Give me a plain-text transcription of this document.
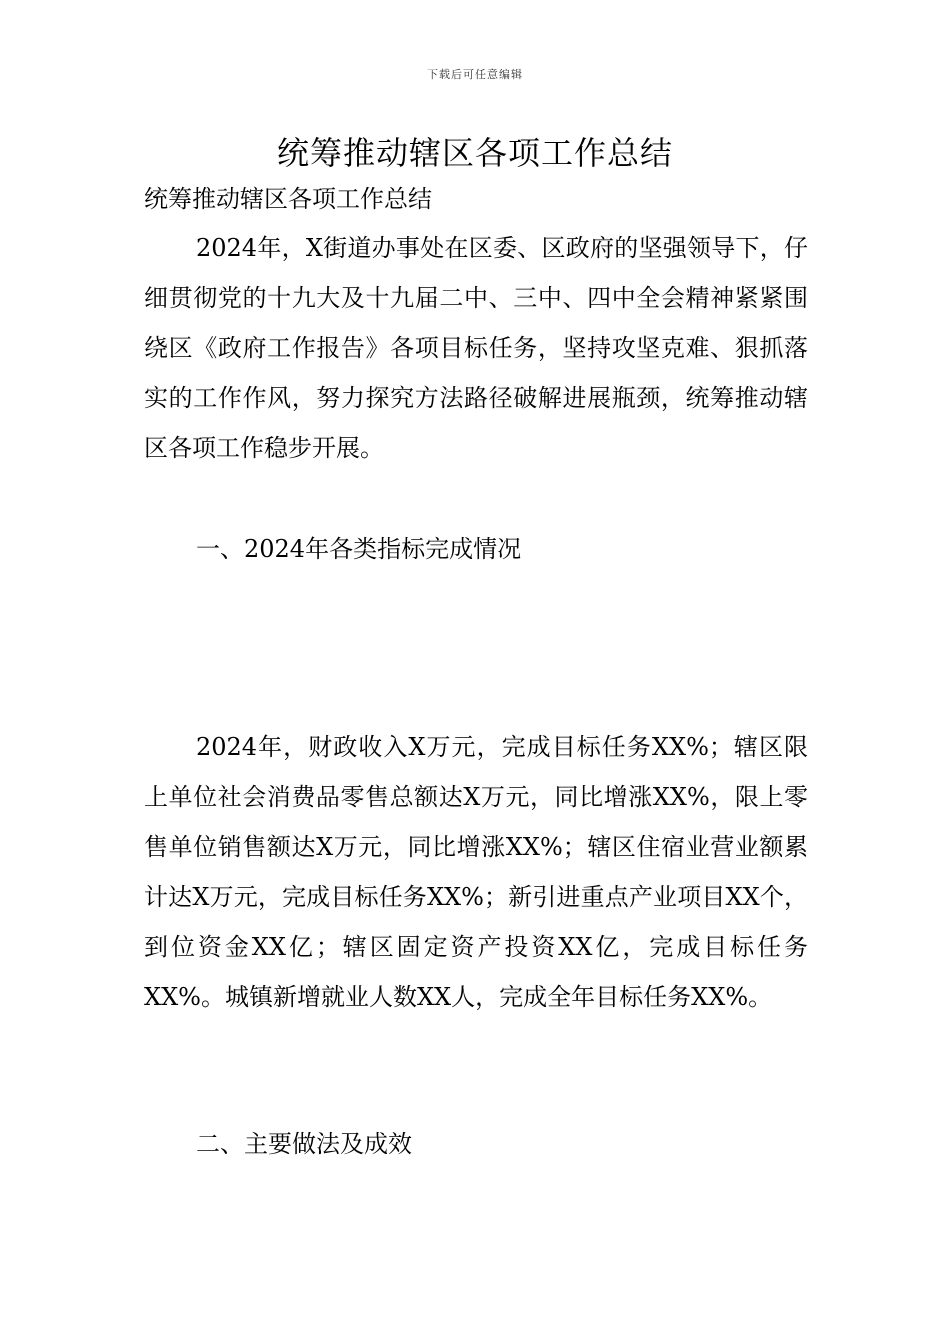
下载后可任意编辑
统筹推动辖区各项工作总结

统筹推动辖区各项工作总结

2024年，X街道办事处在区委、区政府的坚强领导下，仔细贯彻党的十九大及十九届二中、三中、四中全会精神紧紧围绕区《政府工作报告》各项目标任务，坚持攻坚克难、狠抓落实的工作作风，努力探究方法路径破解进展瓶颈，统筹推动辖区各项工作稳步开展。

一、2024年各类指标完成情况

2024年，财政收入X万元，完成目标任务XX%；辖区限上单位社会消费品零售总额达X万元，同比增涨XX%，限上零售单位销售额达X万元，同比增涨XX%；辖区住宿业营业额累计达X万元，完成目标任务XX%；新引进重点产业项目XX个，到位资金XX亿；辖区固定资产投资XX亿，完成目标任务XX%。城镇新增就业人数XX人，完成全年目标任务XX%。

二、主要做法及成效
